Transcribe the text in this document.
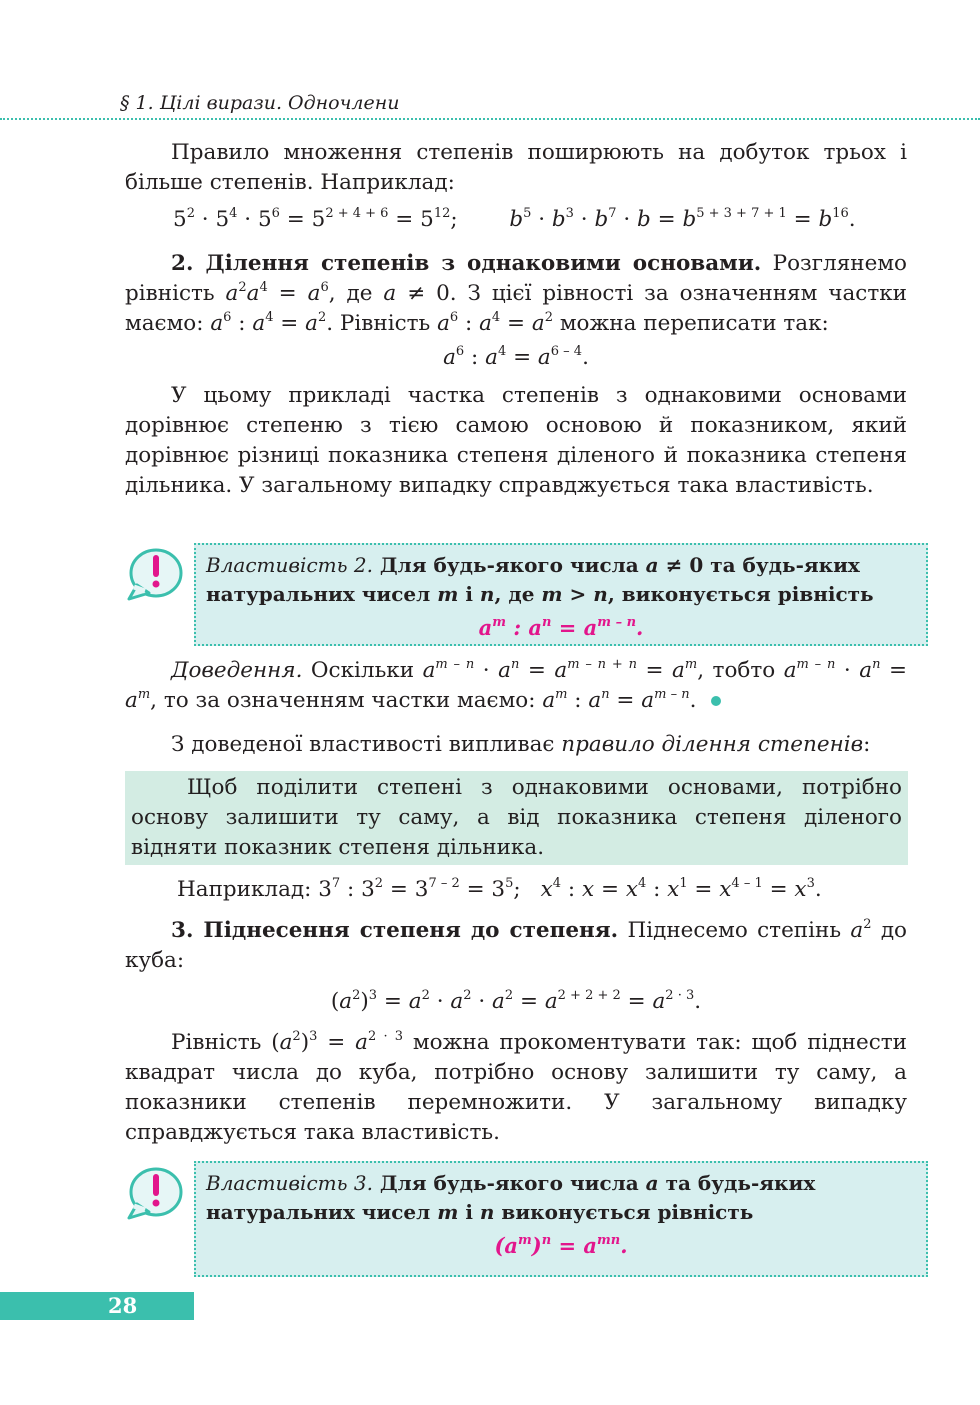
§ 1. Цілі вирази. Одночлени

Правило множення степенів поширюють на добуток трьох і більше степенів. Наприклад:

$5^2 \cdot 5^4 \cdot 5^6 = 5^{2 + 4 + 6} = 5^{12}$; $b^5 \cdot b^3 \cdot b^7 \cdot b = b^{5 + 3 + 7 + 1} = b^{16}$.

2. Ділення степенів з однаковими основами. Розглянемо рівність $a^2a^4 = a^6$, де a ≠ 0. З цієї рівності за означенням частки маємо: $a^6$ : $a^4 = a^2$. Рівність $a^6$ : $a^4 = a^2$ можна переписати так:

$a^6$ : $a^4 = a^{6 - 4}$.

У цьому прикладі частка степенів з однаковими основами дорівнює степеню з тією самою основою й показником, який дорівнює різниці показника степеня діленого й показника степеня дільника. У загальному випадку справджується така властивість.

Властивість 2. Для будь-якого числа a ≠ 0 та будь-яких натуральних чисел m і n, де m > n, виконується рівність
$a^m$ : $a^n = a^{m - n}$.

Доведення. Оскільки $a^{m - n} \cdot a^n = a^{m - n + n} = a^m$, тобто $a^{m - n} \cdot a^n = a^m$, то за означенням частки маємо: $a^m$ : $a^n = a^{m - n}$.

З доведеної властивості випливає правило ділення степенів:

Щоб поділити степені з однаковими основами, потрібно основу залишити ту саму, а від показника степеня діленого відняти показник степеня дільника.

Наприклад: $3^7$ : $3^2 = 3^{7 - 2} = 3^5$; $x^4$ : $x = x^4$ : $x^1 = x^{4 - 1} = x^3$.

3. Піднесення степеня до степеня. Піднесемо степінь $a^2$ до куба:

$(a^2)^3 = a^2 \cdot a^2 \cdot a^2 = a^{2 + 2 + 2} = a^{2 \cdot 3}$.

Рівність $(a^2)^3 = a^{2 \cdot 3}$ можна прокоментувати так: щоб піднести квадрат числа до куба, потрібно основу залишити ту саму, а показники степенів перемножити. У загальному випадку справджується така властивість.

Властивість 3. Для будь-якого числа a та будь-яких натуральних чисел m і n виконується рівність
$(a^m)^n = a^{mn}$.
28
